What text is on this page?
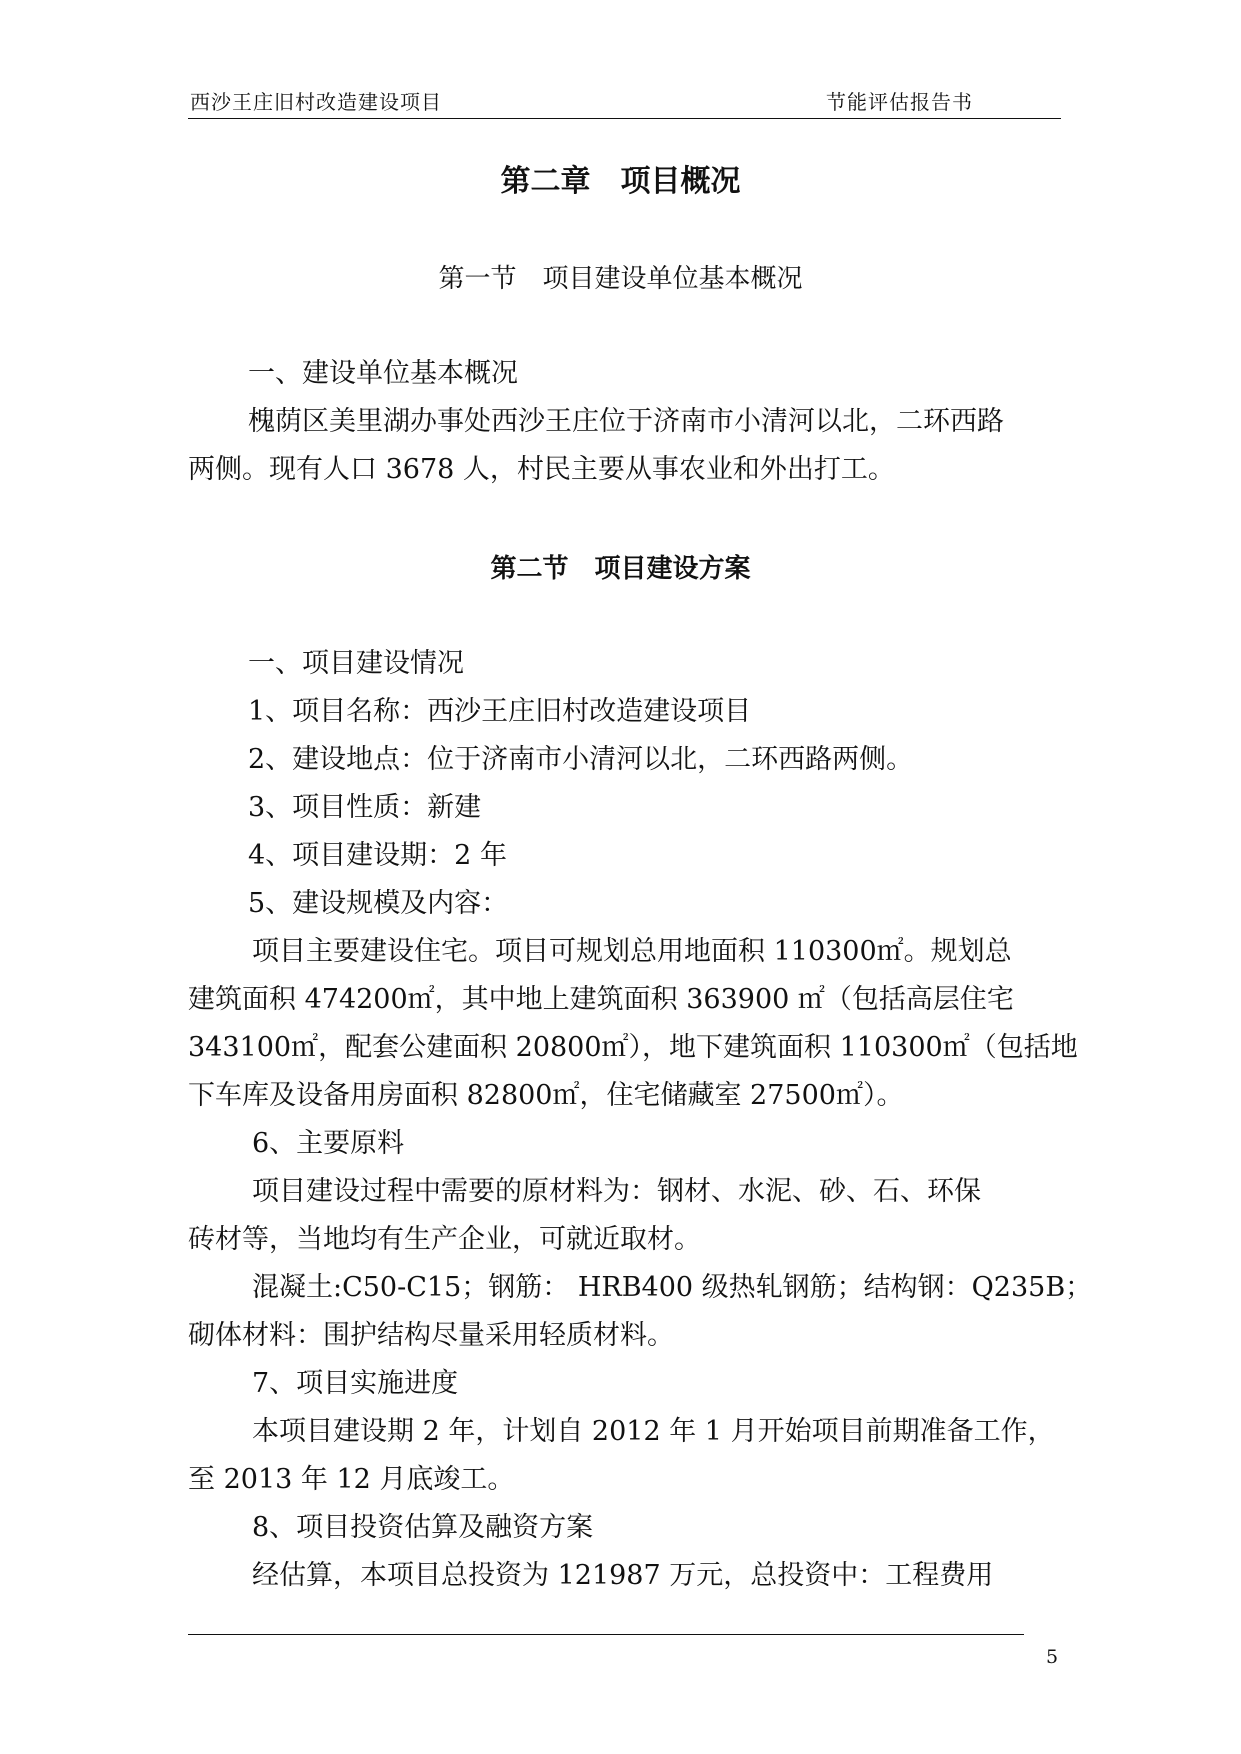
西沙王庄旧村改造建设项目	节能评估报告书
第二章　项目概况
第一节　项目建设单位基本概况
一、建设单位基本概况
槐荫区美里湖办事处西沙王庄位于济南市小清河以北，二环西路
两侧。现有人口 3678 人，村民主要从事农业和外出打工。
第二节　项目建设方案
一、项目建设情况
1、项目名称：西沙王庄旧村改造建设项目
2、建设地点：位于济南市小清河以北，二环西路两侧。
3、项目性质：新建
4、项目建设期：2 年
5、建设规模及内容：
项目主要建设住宅。项目可规划总用地面积 110300㎡。规划总
建筑面积 474200㎡，其中地上建筑面积 363900 ㎡（包括高层住宅
343100㎡，配套公建面积 20800㎡），地下建筑面积 110300㎡（包括地
下车库及设备用房面积 82800㎡，住宅储藏室 27500㎡）。
6、主要原料
项目建设过程中需要的原材料为：钢材、水泥、砂、石、环保
砖材等，当地均有生产企业，可就近取材。
混凝土:C50-C15；钢筋： HRB400 级热轧钢筋；结构钢：Q235B；
砌体材料：围护结构尽量采用轻质材料。
7、项目实施进度
本项目建设期 2 年，计划自 2012 年 1 月开始项目前期准备工作，
至 2013 年 12 月底竣工。
8、项目投资估算及融资方案
经估算，本项目总投资为 121987 万元，总投资中：工程费用
5
